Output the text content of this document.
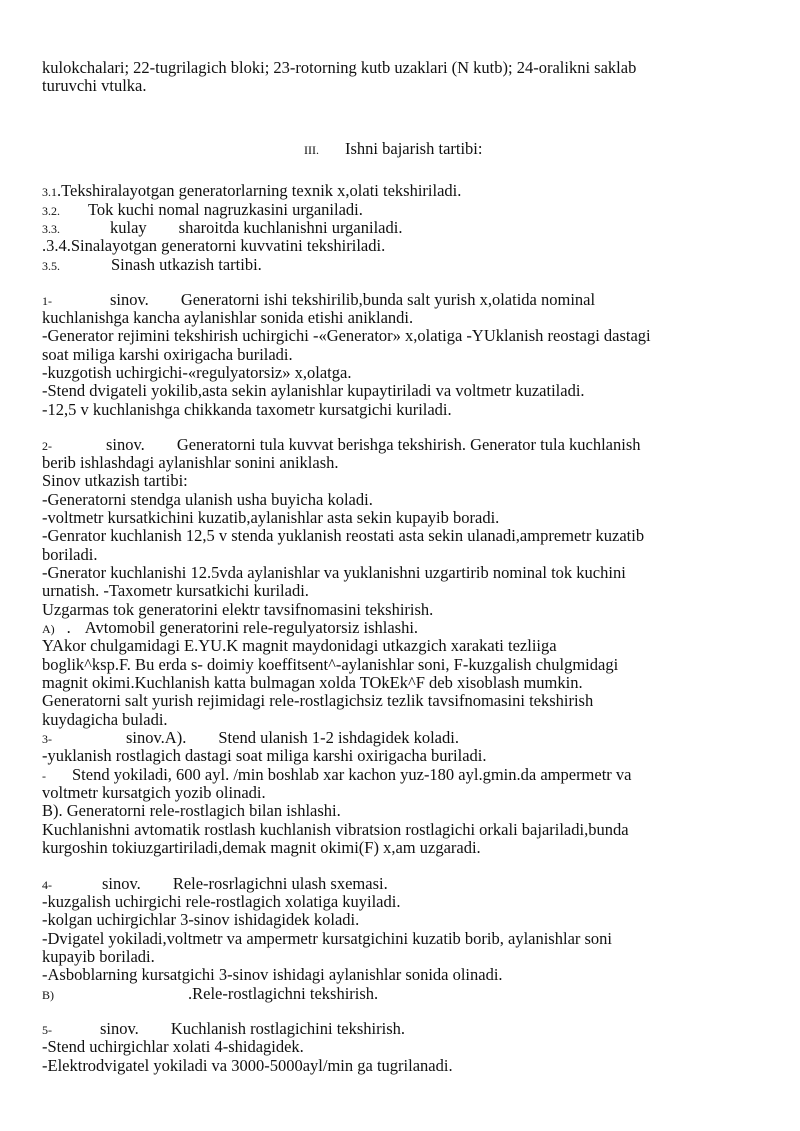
kulokchalari; 22-tugrilagich bloki; 23-rotorning kutb uzaklari (N kutb); 24-oralikni saklab
turuvchi vtulka.
III. Ishni bajarish tartibi:
3.1.Tekshiralayotgan generatorlarning texnik x,olati tekshiriladi.
3.2. Tok kuchi nomal nagruzkasini urganiladi.
3.3.	kulay sharoitda kuchlanishni urganiladi.
.3.4.Sinalayotgan generatorni kuvvatini tekshiriladi.
3.5.	Sinash utkazish tartibi.
1-	sinov. Generatorni ishi tekshirilib,bunda salt yurish x,olatida nominal
kuchlanishga kancha aylanishlar sonida etishi aniklandi.
-Generator rejimini tekshirish uchirgichi -«Generator» x,olatiga -YUklanish reostagi dastagi
soat miliga karshi oxirigacha buriladi.
-kuzgotish uchirgichi-«regulyatorsiz» x,olatga.
-Stend dvigateli yokilib,asta sekin aylanishlar kupaytiriladi va voltmetr kuzatiladi.
-12,5 v kuchlanishga chikkanda taxometr kursatgichi kuriladi.
2-	sinov. Generatorni tula kuvvat berishga tekshirish. Generator tula kuchlanish
berib ishlashdagi aylanishlar sonini aniklash.
Sinov utkazish tartibi:
-Generatorni stendga ulanish usha buyicha koladi.
-voltmetr kursatkichini kuzatib,aylanishlar asta sekin kupayib boradi.
-Genrator kuchlanish 12,5 v stenda yuklanish reostati asta sekin ulanadi,ampremetr kuzatib
boriladi.
-Gnerator kuchlanishi 12.5vda aylanishlar va yuklanishni uzgartirib nominal tok kuchini
urnatish. -Taxometr kursatkichi kuriladi.
Uzgarmas tok generatorini elektr tavsifnomasini tekshirish.
A) . Avtomobil generatorini rele-regulyatorsiz ishlashi.
YAkor chulgamidagi E.YU.K magnit maydonidagi utkazgich xarakati tezliiga
boglik^ksp.F. Bu erda s- doimiy koeffitsent^-aylanishlar soni, F-kuzgalish chulgmidagi
magnit okimi.Kuchlanish katta bulmagan xolda TOkEk^F deb xisoblash mumkin.
Generatorni salt yurish rejimidagi rele-rostlagichsiz tezlik tavsifnomasini tekshirish
kuydagicha buladi.
3-	sinov.A). Stend ulanish 1-2 ishdagidek koladi.
-yuklanish rostlagich dastagi soat miliga karshi oxirigacha buriladi.
- Stend yokiladi, 600 ayl. /min boshlab xar kachon yuz-180 ayl.gmin.da ampermetr va
voltmetr kursatgich yozib olinadi.
B). Generatorni rele-rostlagich bilan ishlashi.
Kuchlanishni avtomatik rostlash kuchlanish vibratsion rostlagichi orkali bajariladi,bunda
kurgoshin tokiuzgartiriladi,demak magnit okimi(F) x,am uzgaradi.
4-	sinov. Rele-rosrlagichni ulash sxemasi.
-kuzgalish uchirgichi rele-rostlagich xolatiga kuyiladi.
-kolgan uchirgichlar 3-sinov ishidagidek koladi.
-Dvigatel yokiladi,voltmetr va ampermetr kursatgichini kuzatib borib, aylanishlar soni
kupayib boriladi.
-Asboblarning kursatgichi 3-sinov ishidagi aylanishlar sonida olinadi.
B)	.Rele-rostlagichni tekshirish.
5-	sinov. Kuchlanish rostlagichini tekshirish.
-Stend uchirgichlar xolati 4-shidagidek.
-Elektrodvigatel yokiladi va 3000-5000ayl/min ga tugrilanadi.
